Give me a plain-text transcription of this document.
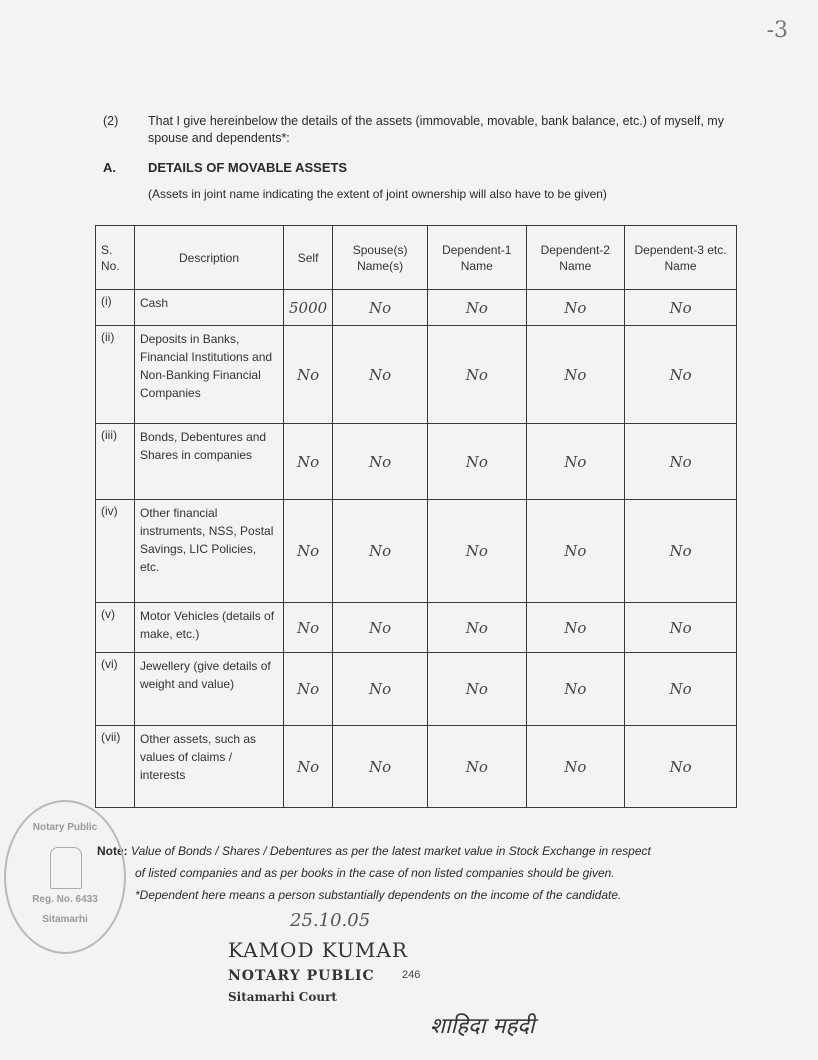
-3
(2) That I give hereinbelow the details of the assets (immovable, movable, bank balance, etc.) of myself, my spouse and dependents*:
A. DETAILS OF MOVABLE ASSETS
(Assets in joint name indicating the extent of joint ownership will also have to be given)
S. No.	Description	Self	Spouse(s) Name(s)	Dependent-1 Name	Dependent-2 Name	Dependent-3 etc. Name
(i)	Cash	5000	No	No	No	No
(ii)	Deposits in Banks, Financial Institutions and Non-Banking Financial Companies	No	No	No	No	No
(iii)	Bonds, Debentures and Shares in companies	No	No	No	No	No
(iv)	Other financial instruments, NSS, Postal Savings, LIC Policies, etc.	No	No	No	No	No
(v)	Motor Vehicles (details of make, etc.)	No	No	No	No	No
(vi)	Jewellery (give details of weight and value)	No	No	No	No	No
(vii)	Other assets, such as values of claims / interests	No	No	No	No	No
Note: Value of Bonds / Shares / Debentures as per the latest market value in Stock Exchange in respect
of listed companies and as per books in the case of non listed companies should be given.
*Dependent here means a person substantially dependents on the income of the candidate.
Notary Public
Reg. No. 6433
Sitamarhi	25.10.05
KAMOD KUMAR
NOTARY PUBLIC
Sitamarhi Court
246
शाहिदा महदी
